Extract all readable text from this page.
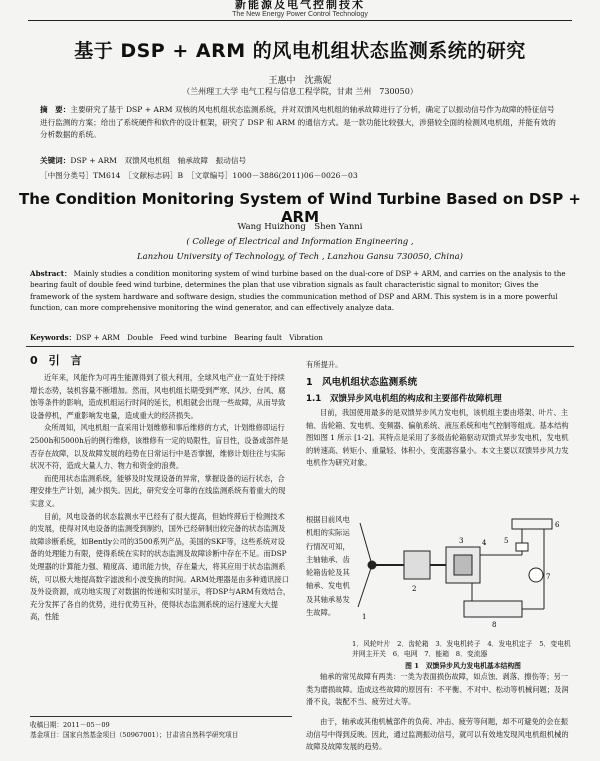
新能源及电气控制技术
The New Energy Power Control Technology
基于 DSP + ARM 的风电机组状态监测系统的研究
王惠中　沈燕妮
（兰州理工大学 电气工程与信息工程学院，甘肃 兰州　730050）
摘　要：主要研究了基于 DSP + ARM 双核的风电机组状态监测系统，并对双馈风电机组的轴承故障进行了分析，确定了以振动信号作为故障的特征信号进行监测的方案；给出了系统硬件和软件的设计框架，研究了 DSP 和 ARM 的通信方式。是一款功能比较强大，涉猎较全面的检测风电机组，并能有效的分析数据的系统。
关键词：DSP + ARM　双馈风电机组　轴承故障　振动信号
［中图分类号］TM614　［文献标志码］B　［文章编号］1000－3886(2011)06－0026－03
The Condition Monitoring System of Wind Turbine Based on DSP + ARM
Wang Huizhong　Shen Yanni
( College of Electrical and Information Engineering ,
Lanzhou University of Technology, of Tech , Lanzhou Gansu 730050, China)
Abstract： Mainly studies a condition monitoring system of wind turbine based on the dual-core of DSP + ARM, and carries on the analysis to the bearing fault of double feed wind turbine, determines the plan that use vibration signals as fault characteristic signal to monitor; Gives the framework of the system hardware and software design, studies the communication method of DSP and ARM. This system is in a more powerful function, can more comprehensive monitoring the wind generator, and can effectively analyze data.
Keywords：DSP + ARM　Double　Feed wind turbine　Bearing fault　Vibration
0　引　言

近年来，风能作为可再生能源得到了很大利用，全球风电产业一直处于持续增长态势，装机容量不断增加。然而，风电机组长期受到严寒、风沙、台风、腐蚀等条件的影响，造成机组运行时间的延长，机组就会出现一些故障，从而导致设备停机，严重影响发电量，造成重大的经济损失。

众所周知，风电机组一直采用计划维修和事后维修的方式，计划维修即运行2500h和5000h后的例行维修，该维修有一定的局限性，盲目性，设备或部件是否存在故障，以及故障发展的趋势在日常运行中是否掌握，维修计划往往与实际状况不符，造成大量人力、物力和资金的浪费。

而使用状态监测系统，能够及时发现设备的异常，掌握设备的运行状态，合理安排生产计划，减少损失。因此，研究安全可靠的在线监测系统有着重大的现实意义。

目前，风电设备的状态监测水平已经有了很大提高，但始终滞后于检测技术的发展，使得对风电设备的监测受到制约，国外已经研制出较完备的状态监测及故障诊断系统，如Bently公司的3500系列产品，美国的SKF等，这些系统对设备的处理能力有限，使得系统在实时的状态监测及故障诊断中存在不足。而DSP处理器的计算能力强、精度高、通讯能力快，存在量大，将其应用于状态监测系统，可以极大地提高数字滤波和小波变换的时间。ARM处理器是由多种通讯接口及外设资源，成功地实现了对数据的传递和实时显示，将DSP与ARM有效结合，充分发挥了各自的优势，进行优势互补，使得状态监测系统的运行速度大大提高，性能

收稿日期：2011－05－09
基金项目：国家自然基金项目（50967001）；甘肃省自然科学研究项目
有所提升。
1　风电机组状态监测系统
1.1　双馈异步风电机组的构成和主要部件故障机理
目前，我国使用最多的是双馈异步风力发电机，该机组主要由塔架、叶片、主轴、齿轮箱、发电机、变频器、偏航系统、液压系统和电气控制等组成。基本结构图如图 1 所示 [1-2]。其特点是采用了多级齿轮箱驱动双馈式异步发电机，发电机的转速高、转矩小、重量轻、体积小，变流器容量小。本文主要以双馈异步风力发电机作为研究对象。
根据目前风电机组的实际运行情况可知，主轴轴承、齿轮箱齿轮及其轴承、发电机及其轴承易发生故障。
6
7
8
1
2
3	4	5
1．风轮叶片　2．齿轮箱　3．发电机转子　4．发电机定子　5．变电机并网主开关　6．电网　7．能箱　8．变流器
图 1　双馈异步风力发电机基本结构图

轴承的常见故障有两类：一类为表面损伤故障，如点蚀、剥落、擦伤等；另一类为磨损故障。造成这些故障的原因有：不平衡、不对中、松动等机械问题；及润滑不良，装配不当、疲劳过大等。

由于，轴承或其他机械部件的负荷、冲击、疲劳等问题，却不可避免的会在振动信号中得到反映。因此，通过监测振动信号，就可以有效地发现风电机组机械的故障及故障发展的趋势。
